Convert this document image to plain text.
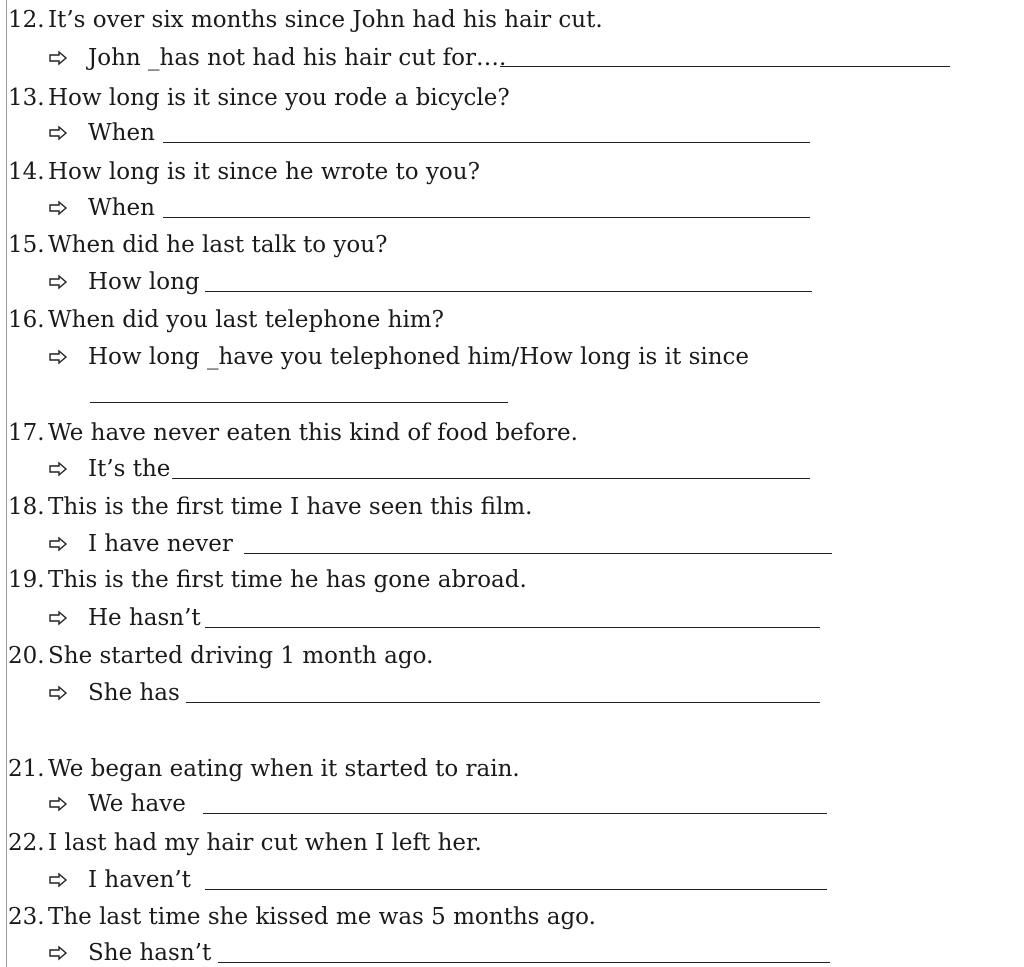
12. It’s over six months since John had his hair cut.
John _has not had his hair cut for….
13. How long is it since you rode a bicycle?
When
14. How long is it since he wrote to you?
When
15. When did he last talk to you?
How long
16. When did you last telephone him?
How long _have you telephoned him/How long is it since
17. We have never eaten this kind of food before.
It’s the
18. This is the first time I have seen this film.
I have never
19. This is the first time he has gone abroad.
He hasn’t
20. She started driving 1 month ago.
She has
21. We began eating when it started to rain.
We have
22. I last had my hair cut when I left her.
I haven’t
23. The last time she kissed me was 5 months ago.
She hasn’t
